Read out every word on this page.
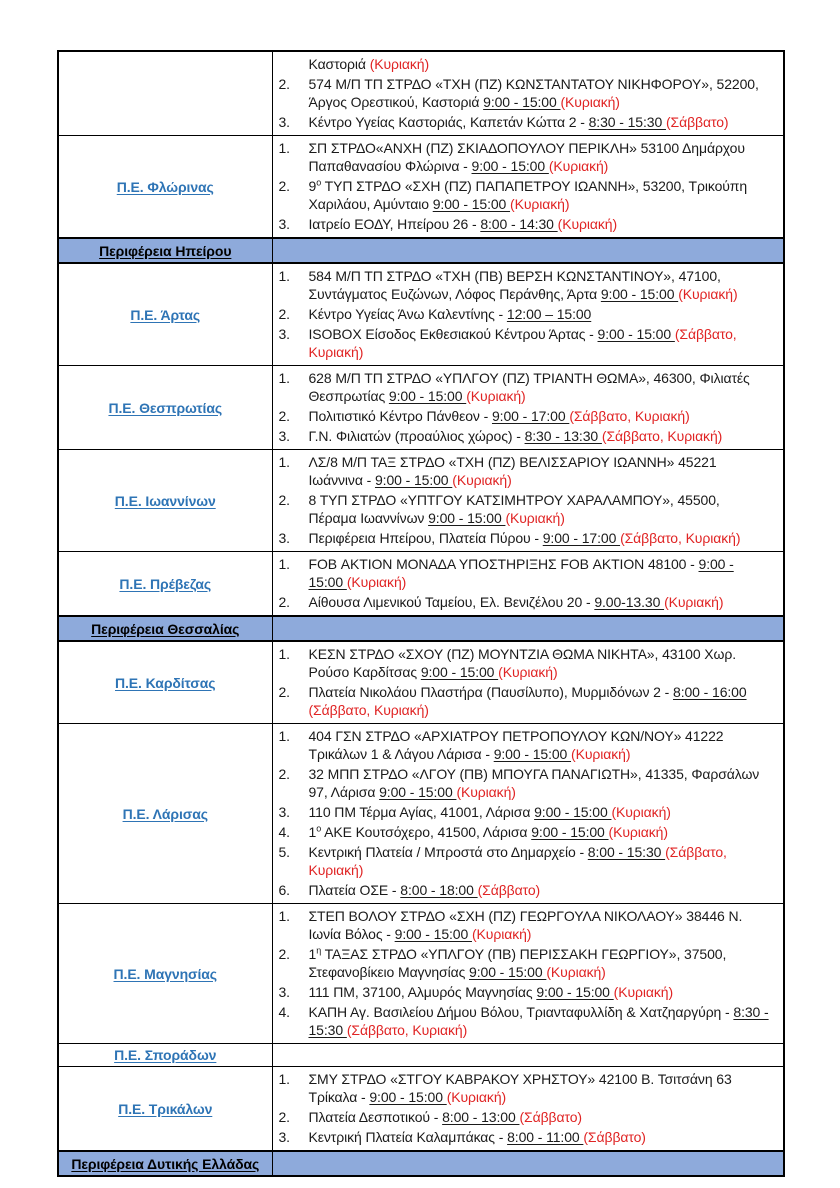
	Καστοριά (Κυριακή)
2. 574 Μ/Π ΤΠ ΣΤΡΔΟ «ΤΧΗ (ΠΖ) ΚΩΝΣΤΑΝΤΑΤΟΥ ΝΙΚΗΦΟΡΟΥ», 52200, Άργος Ορεστικού, Καστοριά 9:00 - 15:00 (Κυριακή)
3. Κέντρο Υγείας Καστοριάς, Καπετάν Κώττα 2 - 8:30 - 15:30 (Σάββατο)

Π.Ε. Φλώρινας	
1.	ΣΠ ΣΤΡΔΟ«ΑΝΧΗ (ΠΖ) ΣΚΙΑΔΟΠΟΥΛΟΥ ΠΕΡΙΚΛΗ» 53100 Δημάρχου Παπαθανασίου Φλώρινα - 9:00 - 15:00 (Κυριακή)
2.	$9^o$ ΤΥΠ ΣΤΡΔΟ «ΣΧΗ (ΠΖ) ΠΑΠΑΠΕΤΡΟΥ ΙΩΑΝΝΗ», 53200, Τρικούπη Χαριλάου, Αμύνταιο 9:00 - 15:00 (Κυριακή)
3.	Ιατρείο ΕΟΔΥ, Ηπείρου 26 - 8:00 - 14:30 (Κυριακή)

Περιφέρεια Ηπείρου	
Π.Ε. Άρτας	
1.	584 Μ/Π ΤΠ ΣΤΡΔΟ «ΤΧΗ (ΠΒ) ΒΕΡΣΗ ΚΩΝΣΤΑΝΤΙΝΟΥ», 47100, Συντάγματος Ευζώνων, Λόφος Περάνθης, Άρτα 9:00 - 15:00 (Κυριακή)
2.	Κέντρο Υγείας Άνω Καλεντίνης - 12:00 – 15:00
3.	ISOBOX Είσοδος Εκθεσιακού Κέντρου Άρτας - 9:00 - 15:00 (Σάββατο, Κυριακή)

Π.Ε. Θεσπρωτίας	
1.	628 Μ/Π ΤΠ ΣΤΡΔΟ «ΥΠΛΓΟΥ (ΠΖ) ΤΡΙΑΝΤΗ ΘΩΜΑ», 46300, Φιλιατές Θεσπρωτίας 9:00 - 15:00 (Κυριακή)
2.	Πολιτιστικό Κέντρο Πάνθεον - 9:00 - 17:00 (Σάββατο, Κυριακή)
3.	Γ.Ν. Φιλιατών (προαύλιος χώρος) - 8:30 - 13:30 (Σάββατο, Κυριακή)

Π.Ε. Ιωαννίνων	
1.	ΛΣ/8 Μ/Π ΤΑΞ ΣΤΡΔΟ «ΤΧΗ (ΠΖ) ΒΕΛΙΣΣΑΡΙΟΥ ΙΩΑΝΝΗ» 45221 Ιωάννινα - 9:00 - 15:00 (Κυριακή)
2.	8 ΤΥΠ ΣΤΡΔΟ «ΥΠΤΓΟΥ ΚΑΤΣΙΜΗΤΡΟΥ ΧΑΡΑΛΑΜΠΟΥ», 45500, Πέραμα Ιωαννίνων 9:00 - 15:00 (Κυριακή)
3.	Περιφέρεια Ηπείρου, Πλατεία Πύρου - 9:00 - 17:00 (Σάββατο, Κυριακή)

Π.Ε. Πρέβεζας	1. FOB ΑΚΤΙΟΝ ΜΟΝΑΔΑ ΥΠΟΣΤΗΡΙΞΗΣ FOB ΑΚΤΙΟΝ 48100 - 9:00 - 15:00 (Κυριακή)
2. Αίθουσα Λιμενικού Ταμείου, Ελ. Βενιζέλου 20 - 9.00-13.30 (Κυριακή)

Περιφέρεια Θεσσαλίας	
Π.Ε. Καρδίτσας	1. ΚΕΣΝ ΣΤΡΔΟ «ΣΧΟΥ (ΠΖ) ΜΟΥΝΤΖΙΑ ΘΩΜΑ ΝΙΚΗΤΑ», 43100 Χωρ. Ρούσο Καρδίτσας 9:00 - 15:00 (Κυριακή)
2. Πλατεία Νικολάου Πλαστήρα (Παυσίλυπο), Μυρμιδόνων 2 - 8:00 - 16:00 (Σάββατο, Κυριακή)

Π.Ε. Λάρισας	
1.	404 ΓΣΝ ΣΤΡΔΟ «ΑΡΧΙΑΤΡΟΥ ΠΕΤΡΟΠΟΥΛΟΥ ΚΩΝ/ΝΟΥ» 41222 Τρικάλων 1 & Λάγου Λάρισα - 9:00 - 15:00 (Κυριακή)
2.	32 ΜΠΠ ΣΤΡΔΟ «ΛΓΟΥ (ΠΒ) ΜΠΟΥΓΑ ΠΑΝΑΓΙΩΤΗ», 41335, Φαρσάλων 97, Λάρισα 9:00 - 15:00 (Κυριακή)
3.	110 ΠΜ Τέρμα Αγίας, 41001, Λάρισα 9:00 - 15:00 (Κυριακή)
4.	$1^o$ ΑΚΕ Κουτσόχερο, 41500, Λάρισα 9:00 - 15:00 (Κυριακή)
5.	Κεντρική Πλατεία / Μπροστά στο Δημαρχείο - 8:00 - 15:30 (Σάββατο, Κυριακή)
6.	Πλατεία ΟΣΕ - 8:00 - 18:00 (Σάββατο)

Π.Ε. Μαγνησίας	
1.	ΣΤΕΠ ΒΟΛΟΥ ΣΤΡΔΟ «ΣΧΗ (ΠΖ) ΓΕΩΡΓΟΥΛΑ ΝΙΚΟΛΑΟΥ» 38446 Ν. Ιωνία Βόλος - 9:00 - 15:00 (Κυριακή)
2.	$1^\eta$ ΤΑΞΑΣ ΣΤΡΔΟ «ΥΠΛΓΟΥ (ΠΒ) ΠΕΡΙΣΣΑΚΗ ΓΕΩΡΓΙΟΥ», 37500, Στεφανοβίκειο Μαγνησίας 9:00 - 15:00 (Κυριακή)
3.	111 ΠΜ, 37100, Αλμυρός Μαγνησίας 9:00 - 15:00 (Κυριακή)
4.	ΚΑΠΗ Αγ. Βασιλείου Δήμου Βόλου, Τριανταφυλλίδη & Χατζηαργύρη - 8:30 - 15:30 (Σάββατο, Κυριακή)

Π.Ε. Σποράδων	
Π.Ε. Τρικάλων	
1.	ΣΜΥ ΣΤΡΔΟ «ΣΤΓΟΥ ΚΑΒΡΑΚΟΥ ΧΡΗΣΤΟΥ» 42100 Β. Τσιτσάνη 63 Τρίκαλα - 9:00 - 15:00 (Κυριακή)
2.	Πλατεία Δεσποτικού - 8:00 - 13:00 (Σάββατο)
3.	Κεντρική Πλατεία Καλαμπάκας - 8:00 - 11:00 (Σάββατο)

Περιφέρεια Δυτικής Ελλάδας	
